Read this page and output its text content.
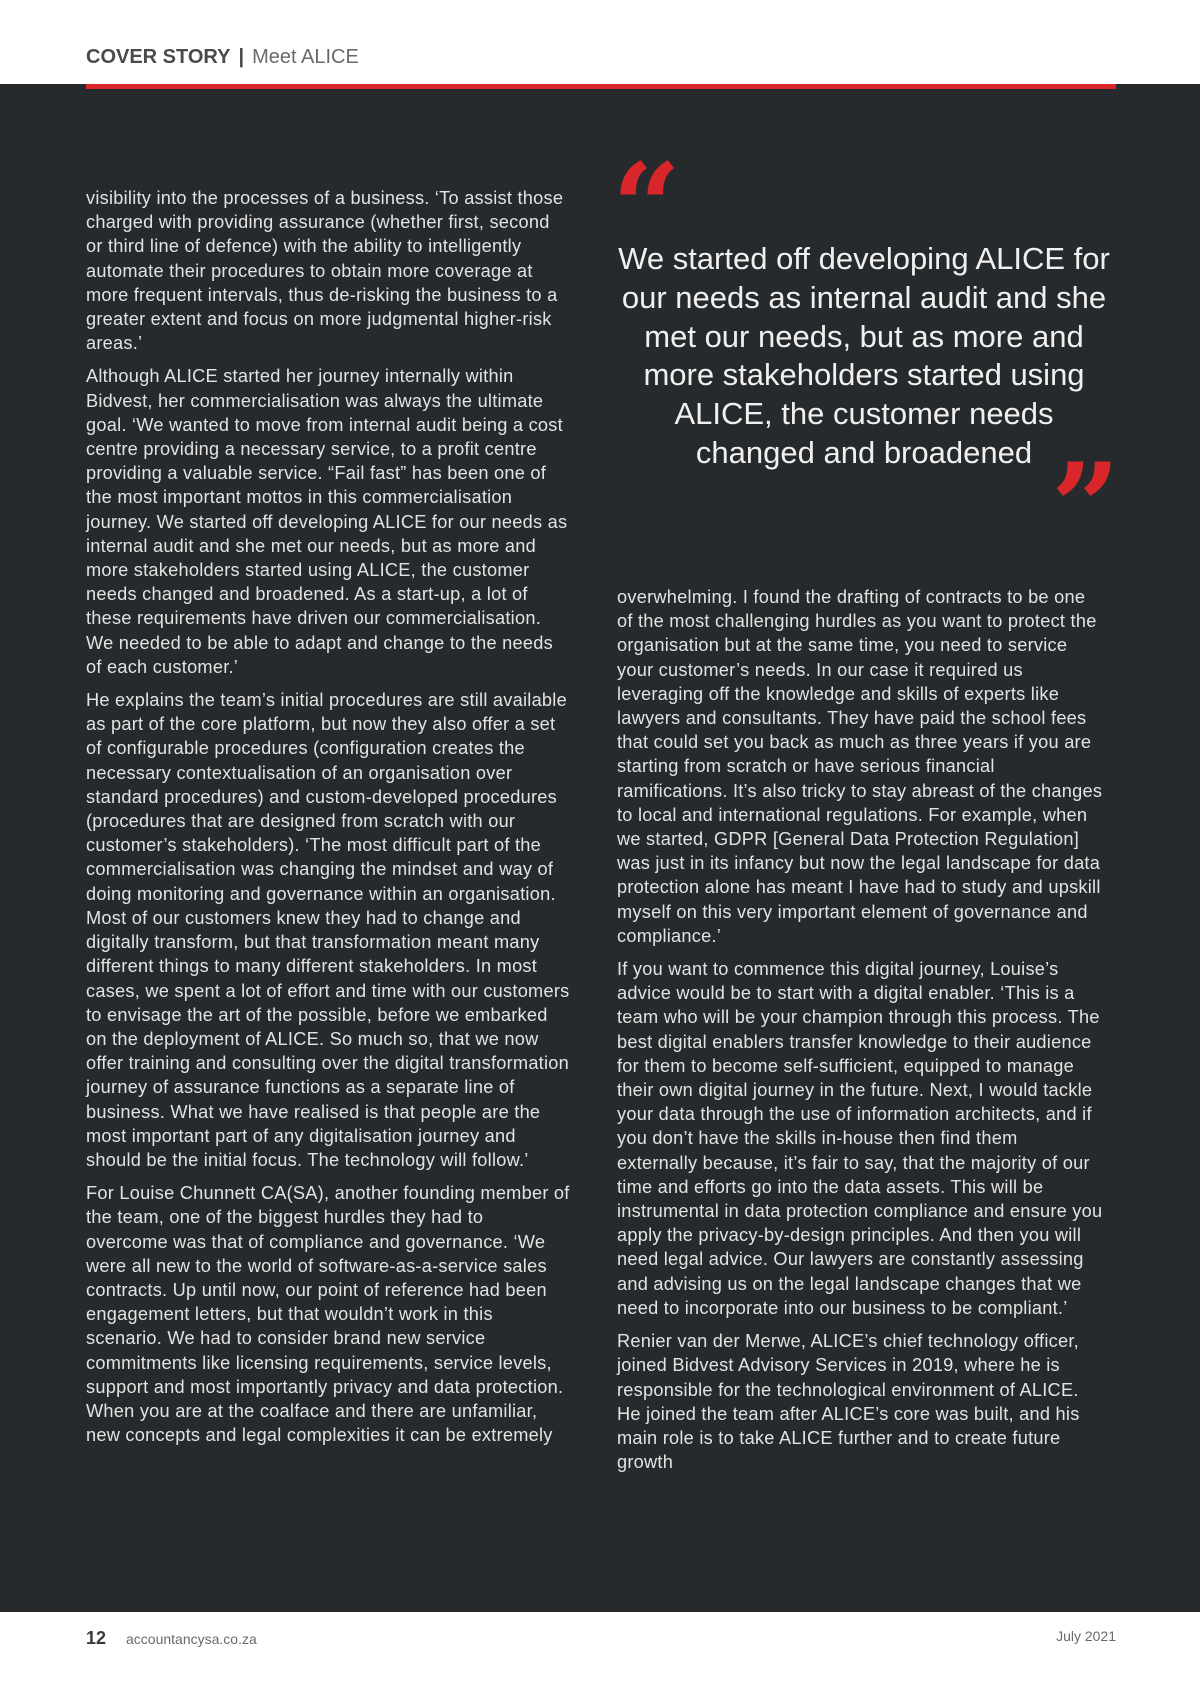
COVER STORY | Meet ALICE

visibility into the processes of a business. ‘To assist those charged with providing assurance (whether first, second or third line of defence) with the ability to intelligently automate their procedures to obtain more coverage at more frequent intervals, thus de-risking the business to a greater extent and focus on more judgmental higher-risk areas.’

Although ALICE started her journey internally within Bidvest, her commercialisation was always the ultimate goal. ‘We wanted to move from internal audit being a cost centre providing a necessary service, to a profit centre providing a valuable service. “Fail fast” has been one of the most important mottos in this commercialisation journey. We started off developing ALICE for our needs as internal audit and she met our needs, but as more and more stakeholders started using ALICE, the customer needs changed and broadened. As a start-up, a lot of these requirements have driven our commercialisation. We needed to be able to adapt and change to the needs of each customer.’

He explains the team’s initial procedures are still available as part of the core platform, but now they also offer a set of configurable procedures (configuration creates the necessary contextualisation of an organisation over standard procedures) and custom-developed procedures (procedures that are designed from scratch with our customer’s stakeholders). ‘The most difficult part of the commercialisation was changing the mindset and way of doing monitoring and governance within an organisation. Most of our customers knew they had to change and digitally transform, but that transformation meant many different things to many different stakeholders. In most cases, we spent a lot of effort and time with our customers to envisage the art of the possible, before we embarked on the deployment of ALICE. So much so, that we now offer training and consulting over the digital transformation journey of assurance functions as a separate line of business. What we have realised is that people are the most important part of any digitalisation journey and should be the initial focus. The technology will follow.’

For Louise Chunnett CA(SA), another founding member of the team, one of the biggest hurdles they had to overcome was that of compliance and governance. ‘We were all new to the world of software-as-a-service sales contracts. Up until now, our point of reference had been engagement letters, but that wouldn’t work in this scenario. We had to consider brand new service commitments like licensing requirements, service levels, support and most importantly privacy and data protection. When you are at the coalface and there are unfamiliar, new concepts and legal complexities it can be extremely

“
We started off developing ALICE for our needs as internal audit and she met our needs, but as more and more stakeholders started using ALICE, the customer needs changed and broadened ”

overwhelming. I found the drafting of contracts to be one of the most challenging hurdles as you want to protect the organisation but at the same time, you need to service your customer’s needs. In our case it required us leveraging off the knowledge and skills of experts like lawyers and consultants. They have paid the school fees that could set you back as much as three years if you are starting from scratch or have serious financial ramifications. It’s also tricky to stay abreast of the changes to local and international regulations. For example, when we started, GDPR [General Data Protection Regulation] was just in its infancy but now the legal landscape for data protection alone has meant I have had to study and upskill myself on this very important element of governance and compliance.’

If you want to commence this digital journey, Louise’s advice would be to start with a digital enabler. ‘This is a team who will be your champion through this process. The best digital enablers transfer knowledge to their audience for them to become self-sufficient, equipped to manage their own digital journey in the future. Next, I would tackle your data through the use of information architects, and if you don’t have the skills in-house then find them externally because, it’s fair to say, that the majority of our time and efforts go into the data assets. This will be instrumental in data protection compliance and ensure you apply the privacy-by-design principles. And then you will need legal advice. Our lawyers are constantly assessing and advising us on the legal landscape changes that we need to incorporate into our business to be compliant.’

Renier van der Merwe, ALICE’s chief technology officer, joined Bidvest Advisory Services in 2019, where he is responsible for the technological environment of ALICE. He joined the team after ALICE’s core was built, and his main role is to take ALICE further and to create future growth

12 accountancysa.co.za	July 2021
